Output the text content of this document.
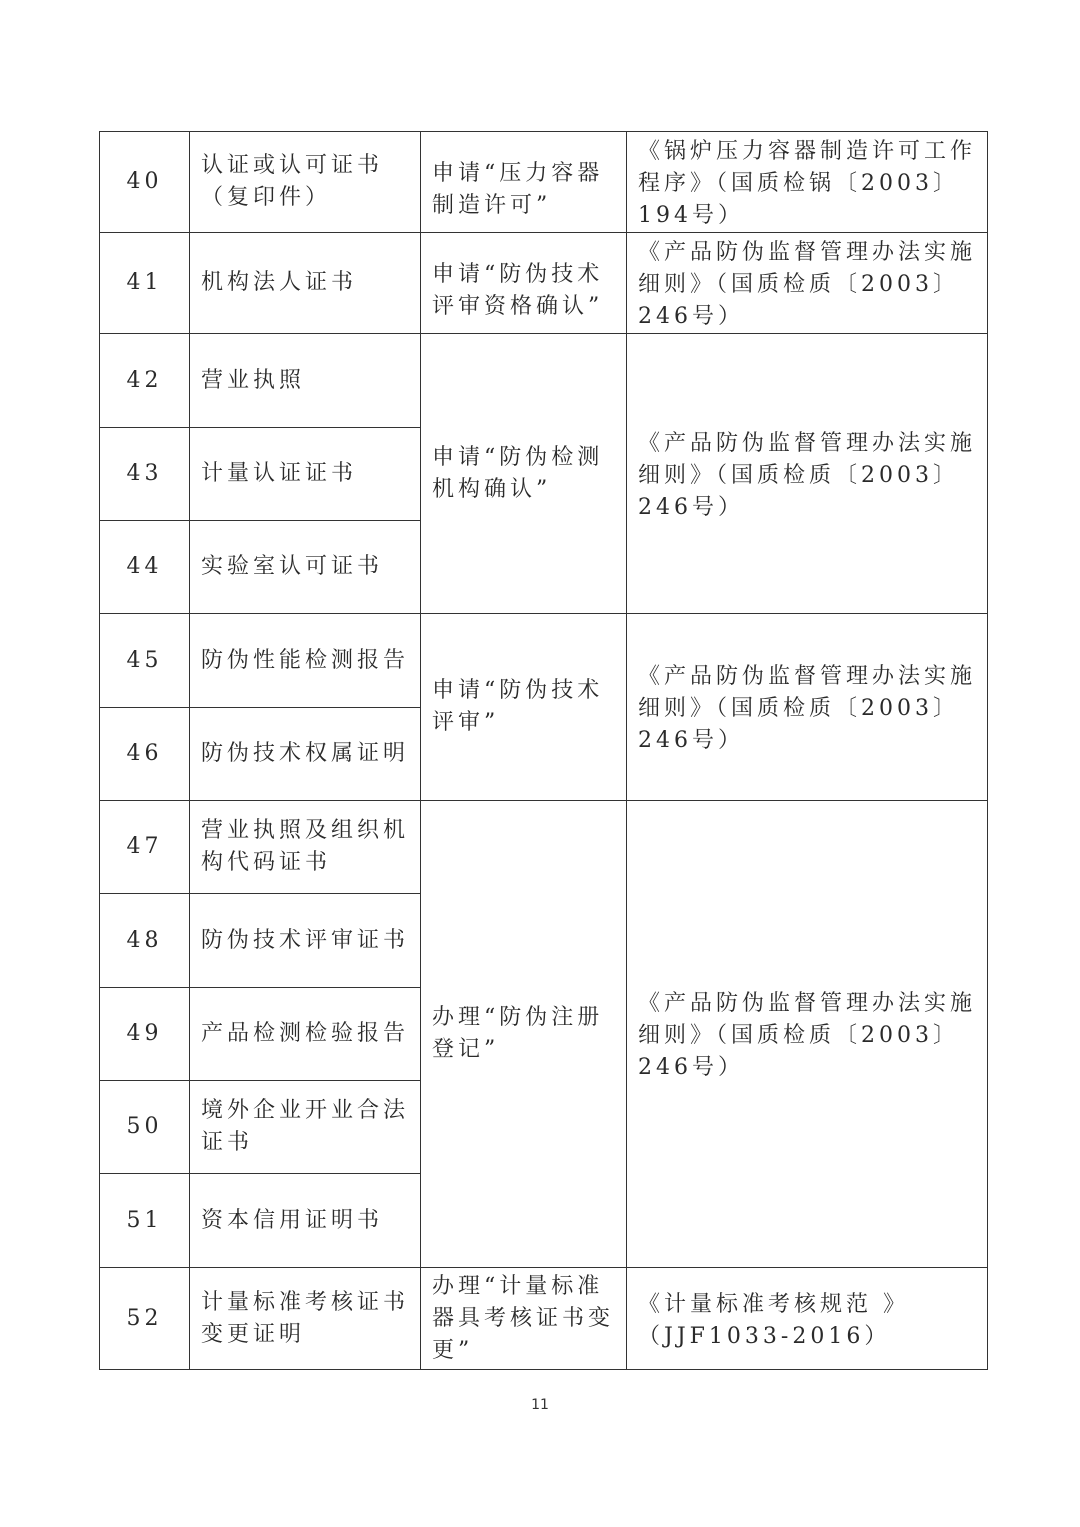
40	认证或认可证书（复印件）	申请“压力容器制造许可”	《锅炉压力容器制造许可工作程序》（国质检锅〔2003〕194号）
41	机构法人证书	申请“防伪技术评审资格确认”	《产品防伪监督管理办法实施细则》（国质检质〔2003〕246号）
42	营业执照	申请“防伪检测机构确认”	《产品防伪监督管理办法实施细则》（国质检质〔2003〕246号）
43	计量认证证书		
44	实验室认可证书		
45	防伪性能检测报告	申请“防伪技术评审”	《产品防伪监督管理办法实施细则》（国质检质〔2003〕246号）
46	防伪技术权属证明		
47	营业执照及组织机构代码证书	办理“防伪注册登记”	《产品防伪监督管理办法实施细则》（国质检质〔2003〕246号）
48	防伪技术评审证书		
49	产品检测检验报告		
50	境外企业开业合法证书		
51	资本信用证明书		
52	计量标准考核证书变更证明	办理“计量标准器具考核证书变更”	《计量标准考核规范 》（JJF1033-2016）
11
